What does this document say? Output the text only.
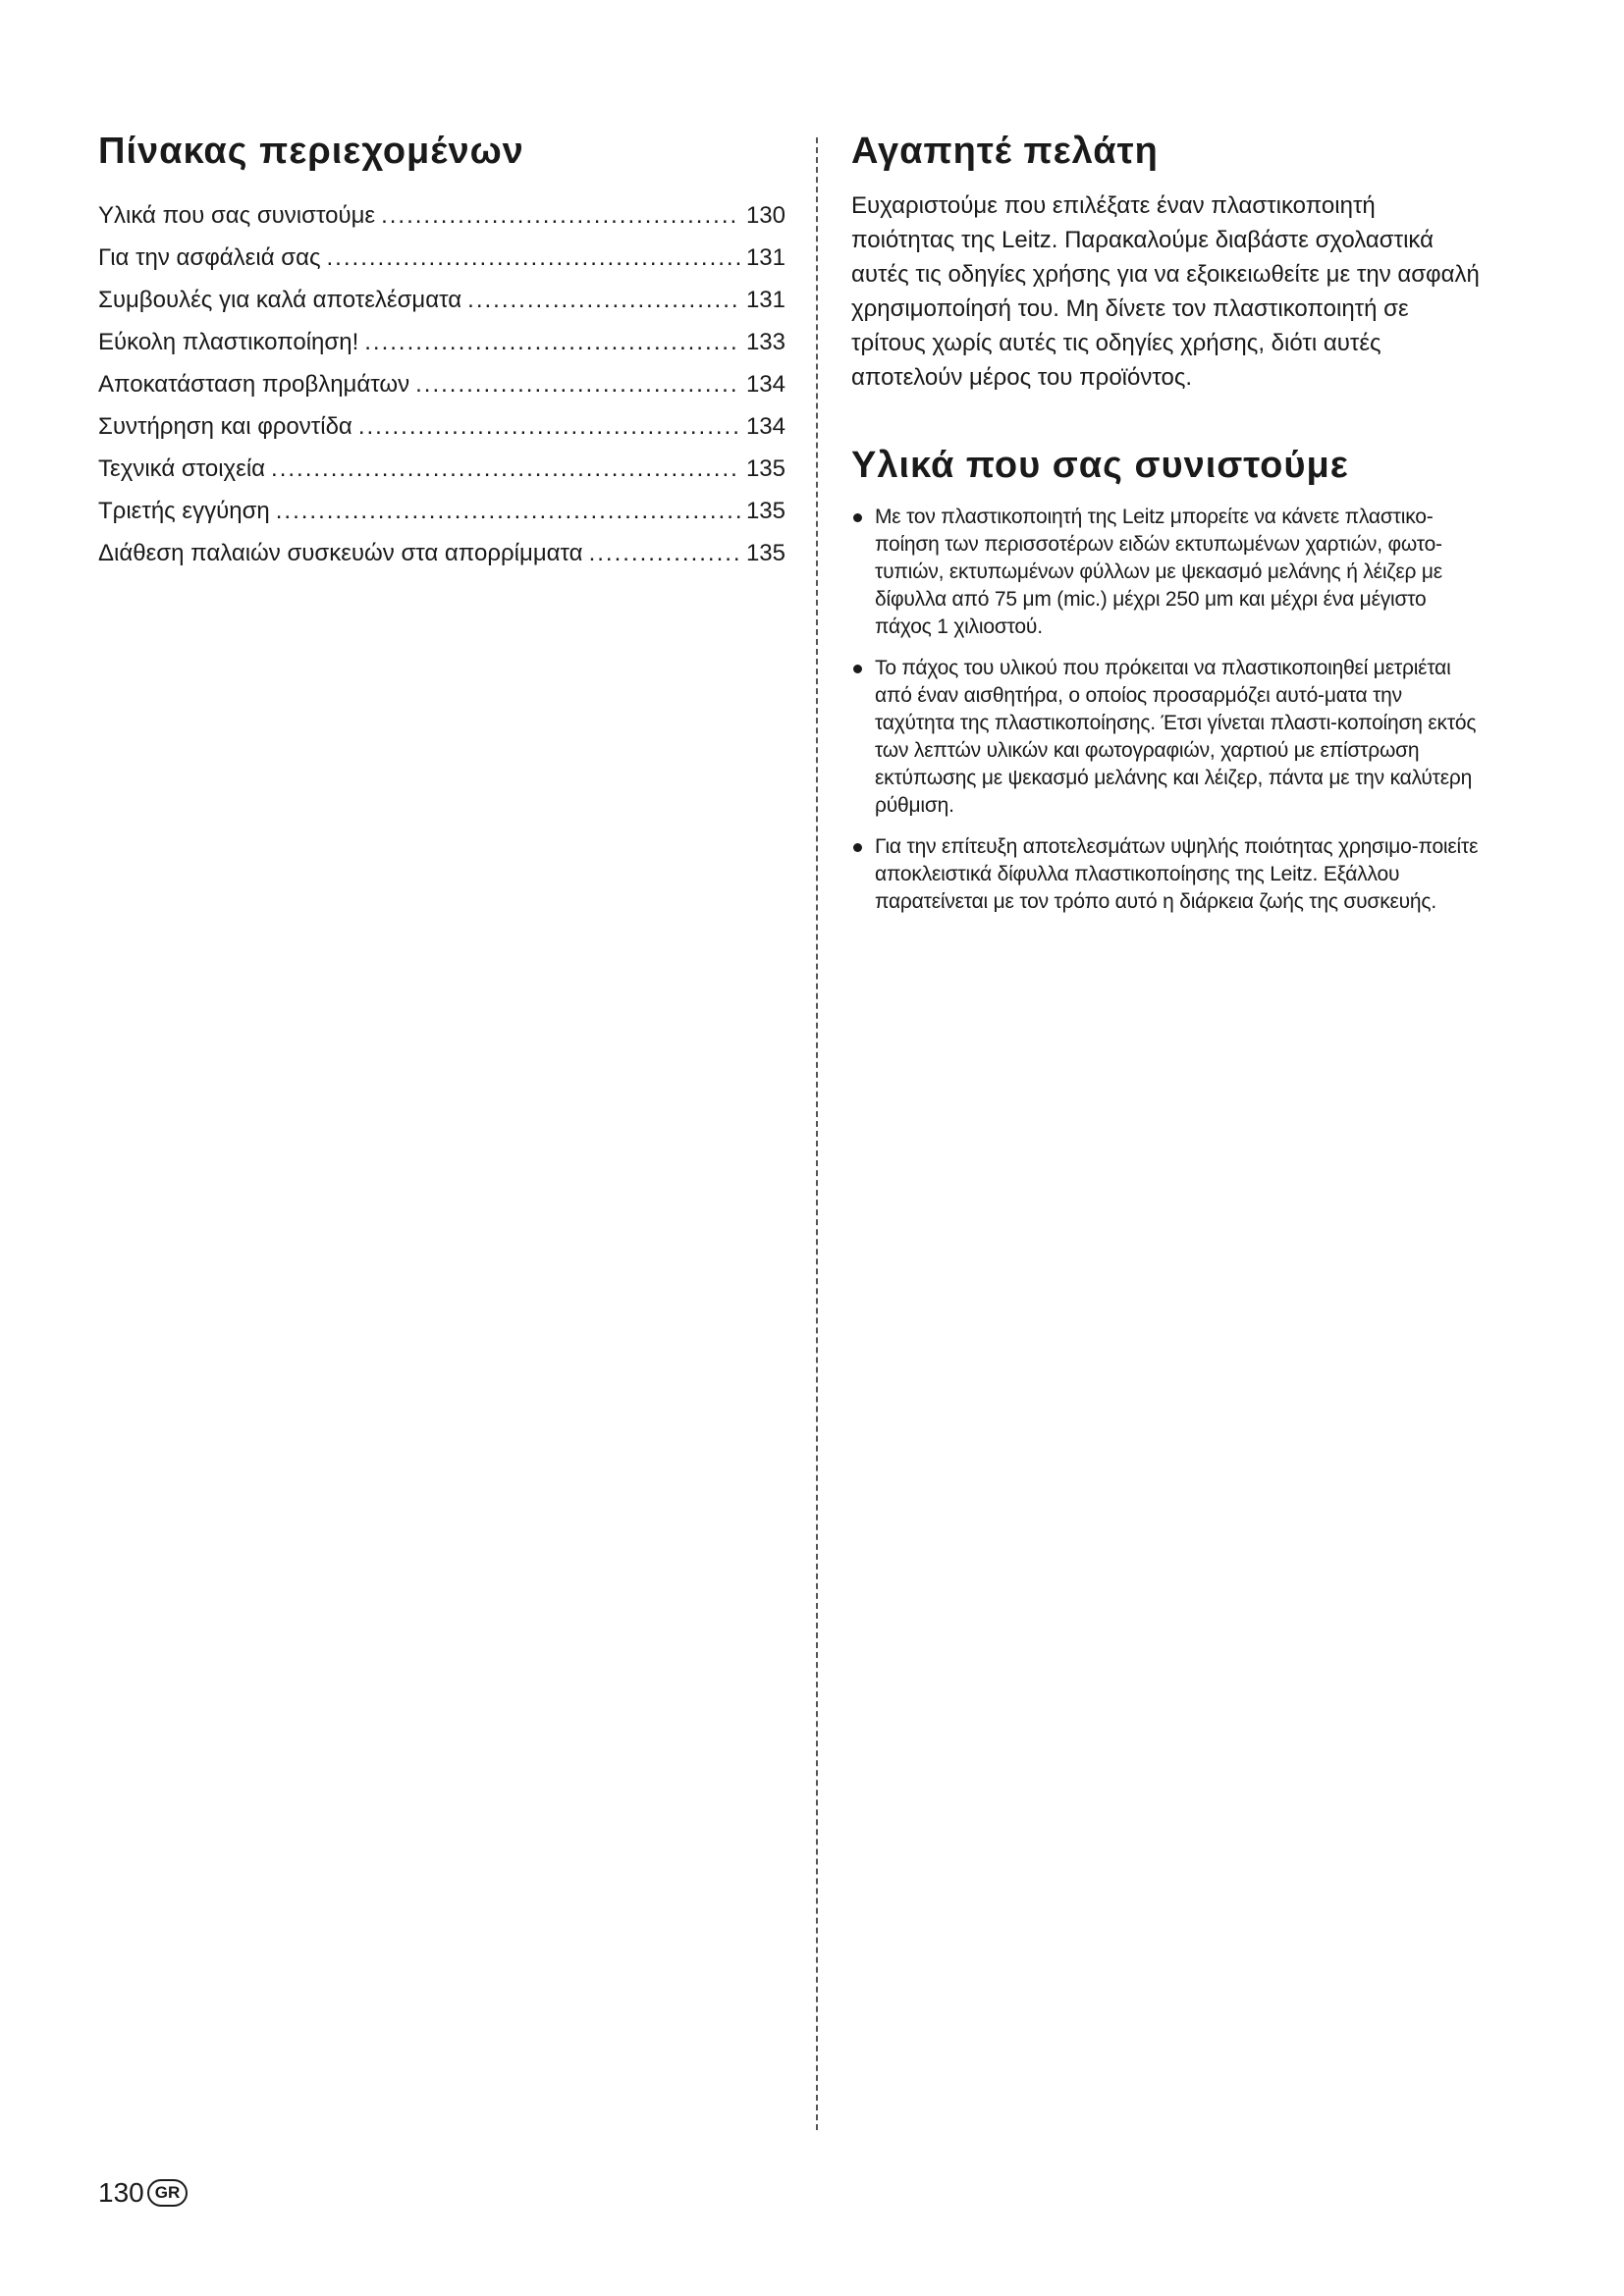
Πίνακας περιεχομένων
Υλικά που σας συνιστούμε .....	130
Για την ασφάλειά σας .....	131
Συμβουλές για καλά αποτελέσματα .....	131
Εύκολη πλαστικοποίηση! .....	133
Αποκατάσταση προβλημάτων .....	134
Συντήρηση και φροντίδα .....	134
Τεχνικά στοιχεία .....	135
Τριετής εγγύηση .....	135
Διάθεση παλαιών συσκευών στα απορρίμματα .....	135
Αγαπητέ πελάτη

Ευχαριστούμε που επιλέξατε έναν πλαστικοποιητή ποιότητας της Leitz. Παρακαλούμε διαβάστε σχολαστικά αυτές τις οδηγίες χρήσης για να εξοικειωθείτε με την ασφαλή χρησιμοποίησή του. Μη δίνετε τον πλαστικοποιητή σε τρίτους χωρίς αυτές τις οδηγίες χρήσης, διότι αυτές αποτελούν μέρος του προϊόντος.

Υλικά που σας συνιστούμε
Με τον πλαστικοποιητή της Leitz μπορείτε να κάνετε πλαστικο-ποίηση των περισσοτέρων ειδών εκτυπωμένων χαρτιών, φωτο-τυπιών, εκτυπωμένων φύλλων με ψεκασμό μελάνης ή λέιζερ με δίφυλλα από 75 μm (mic.) μέχρι 250 μm και μέχρι ένα μέγιστο πάχος 1 χιλιοστού.
Το πάχος του υλικού που πρόκειται να πλαστικοποιηθεί μετριέται από έναν αισθητήρα, ο οποίος προσαρμόζει αυτό-ματα την ταχύτητα της πλαστικοποίησης. Έτσι γίνεται πλαστι-κοποίηση εκτός των λεπτών υλικών και φωτογραφιών, χαρτιού με επίστρωση εκτύπωσης με ψεκασμό μελάνης και λέιζερ, πάντα με την καλύτερη ρύθμιση.
Για την επίτευξη αποτελεσμάτων υψηλής ποιότητας χρησιμο-ποιείτε αποκλειστικά δίφυλλα πλαστικοποίησης της Leitz. Εξάλλου παρατείνεται με τον τρόπο αυτό η διάρκεια ζωής της συσκευής.
130 GR
